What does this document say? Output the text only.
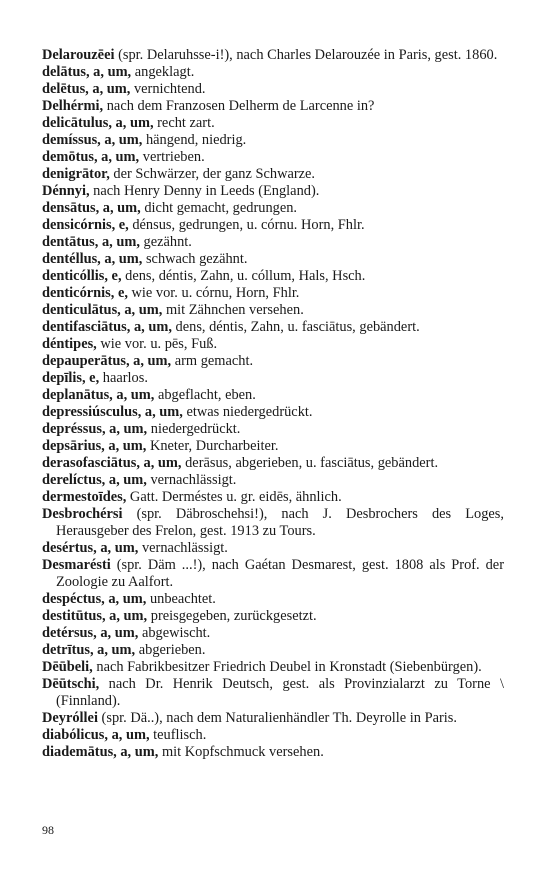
Delarouzēei (spr. Delaruhsse-i!), nach Charles Delarouzée in Paris, gest. 1860.
delātus, a, um, angeklagt.
delētus, a, um, vernichtend.
Delhérmi, nach dem Franzosen Delherm de Larcenne in?
delicātulus, a, um, recht zart.
demíssus, a, um, hängend, niedrig.
demōtus, a, um, vertrieben.
denigrātor, der Schwärzer, der ganz Schwarze.
Dénnyi, nach Henry Denny in Leeds (England).
densātus, a, um, dicht gemacht, gedrungen.
densicórnis, e, dénsus, gedrungen, u. córnu. Horn, Fhlr.
dentātus, a, um, gezähnt.
dentéllus, a, um, schwach gezähnt.
denticóllis, e, dens, déntis, Zahn, u. cóllum, Hals, Hsch.
denticórnis, e, wie vor. u. córnu, Horn, Fhlr.
denticulātus, a, um, mit Zähnchen versehen.
dentifasciātus, a, um, dens, déntis, Zahn, u. fasciātus, gebändert.
déntipes, wie vor. u. pēs, Fuß.
depauperātus, a, um, arm gemacht.
depīlis, e, haarlos.
deplanātus, a, um, abgeflacht, eben.
depressiúsculus, a, um, etwas niedergedrückt.
depréssus, a, um, niedergedrückt.
depsārius, a, um, Kneter, Durcharbeiter.
derasofasciātus, a, um, derāsus, abgerieben, u. fasciātus, gebändert.
derelíctus, a, um, vernachlässigt.
dermestoīdes, Gatt. Derméstes u. gr. eidēs, ähnlich.
Desbrochérsi (spr. Däbroschehsi!), nach J. Desbrochers des Loges, Herausgeber des Frelon, gest. 1913 zu Tours.
desértus, a, um, vernachlässigt.
Desmarésti (spr. Däm ...!), nach Gaétan Desmarest, gest. 1808 als Prof. der Zoologie zu Aalfort.
despéctus, a, um, unbeachtet.
destitūtus, a, um, preisgegeben, zurückgesetzt.
detérsus, a, um, abgewischt.
detrītus, a, um, abgerieben.
Dēūbeli, nach Fabrikbesitzer Friedrich Deubel in Kronstadt (Siebenbürgen).
Dēūtschi, nach Dr. Henrik Deutsch, gest. als Provinzialarzt zu Torne \ (Finnland).
Deyróllei (spr. Dä..), nach dem Naturalienhändler Th. Deyrolle in Paris.
diabólicus, a, um, teuflisch.
diademātus, a, um, mit Kopfschmuck versehen.
98
